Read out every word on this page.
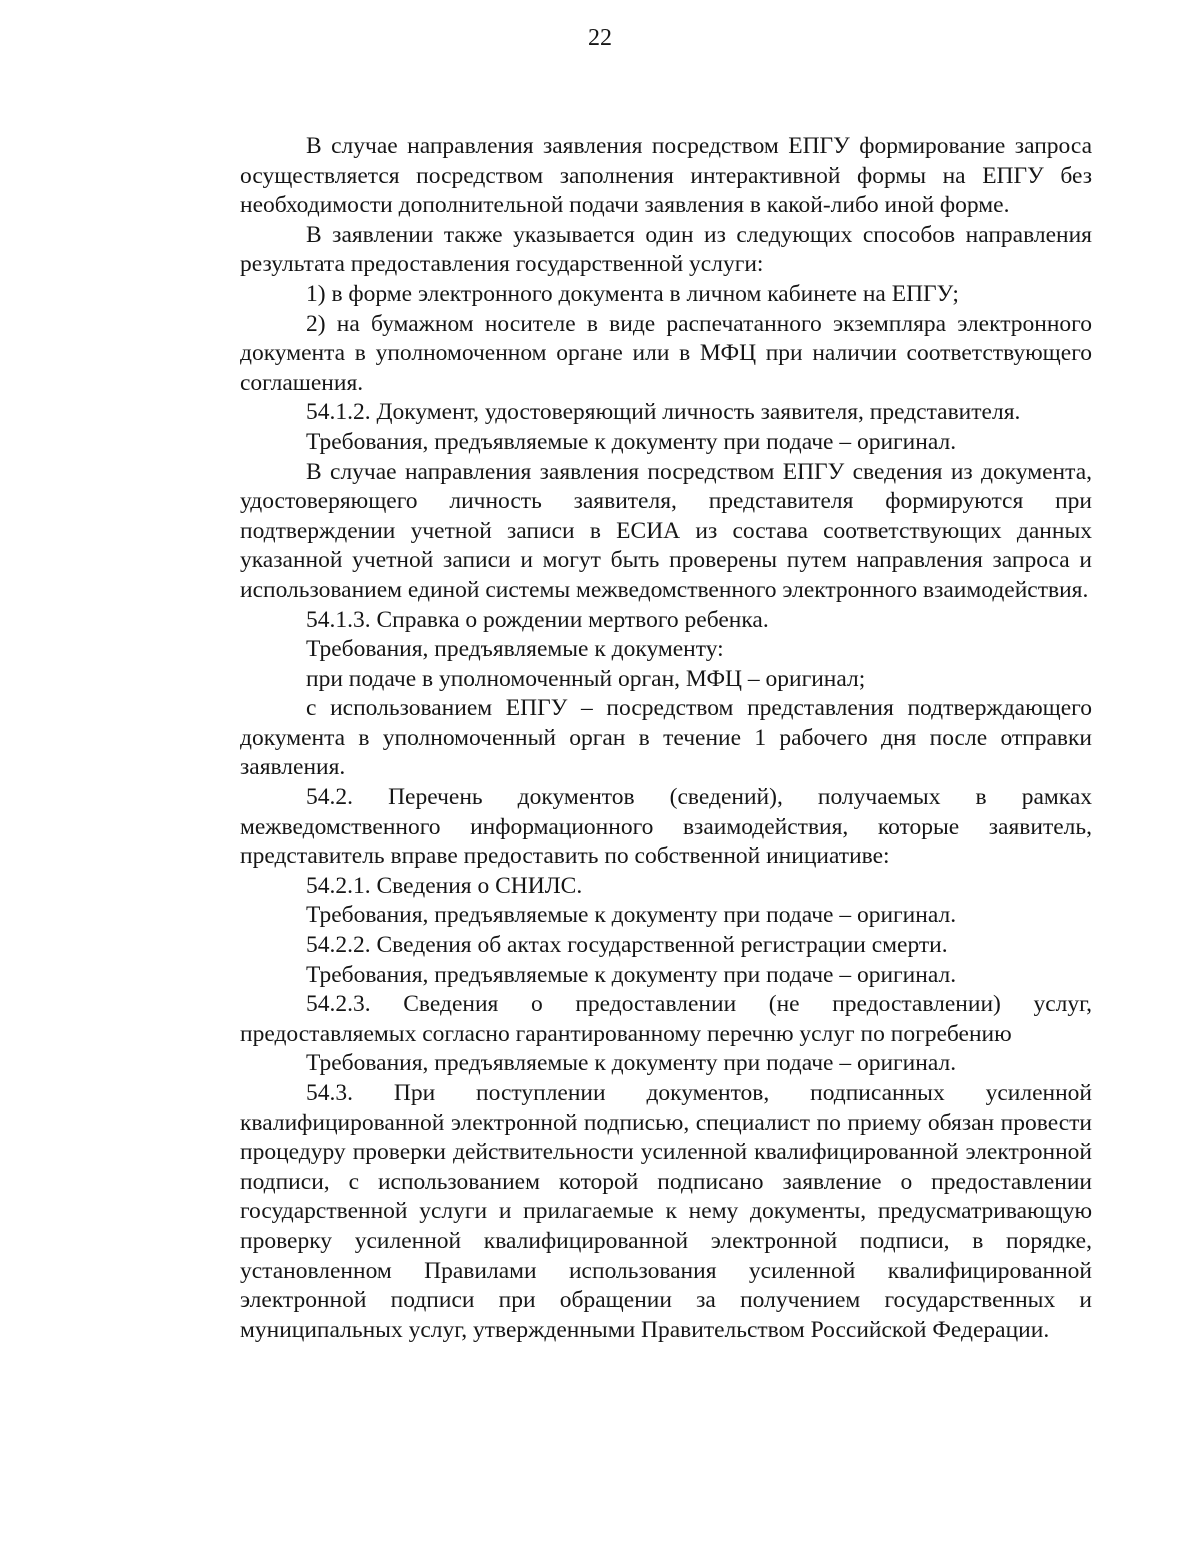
22

В случае направления заявления посредством ЕПГУ формирование запроса осуществляется посредством заполнения интерактивной формы на ЕПГУ без необходимости дополнительной подачи заявления в какой-либо иной форме.

В заявлении также указывается один из следующих способов направления результата предоставления государственной услуги:

1) в форме электронного документа в личном кабинете на ЕПГУ;

2) на бумажном носителе в виде распечатанного экземпляра электронного документа в уполномоченном органе или в МФЦ при наличии соответствующего соглашения.

54.1.2. Документ, удостоверяющий личность заявителя, представителя.

Требования, предъявляемые к документу при подаче – оригинал.

В случае направления заявления посредством ЕПГУ сведения из документа, удостоверяющего личность заявителя, представителя формируются при подтверждении учетной записи в ЕСИА из состава соответствующих данных указанной учетной записи и могут быть проверены путем направления запроса и использованием единой системы межведомственного электронного взаимодействия.

54.1.3. Справка о рождении мертвого ребенка.

Требования, предъявляемые к документу:

при подаче в уполномоченный орган, МФЦ – оригинал;

с использованием ЕПГУ – посредством представления подтверждающего документа в уполномоченный орган в течение 1 рабочего дня после отправки заявления.

54.2. Перечень документов (сведений), получаемых в рамках межведомственного информационного взаимодействия, которые заявитель, представитель вправе предоставить по собственной инициативе:

54.2.1. Сведения о СНИЛС.

Требования, предъявляемые к документу при подаче – оригинал.

54.2.2. Сведения об актах государственной регистрации смерти.

Требования, предъявляемые к документу при подаче – оригинал.

54.2.3. Сведения о предоставлении (не предоставлении) услуг, предоставляемых согласно гарантированному перечню услуг по погребению

Требования, предъявляемые к документу при подаче – оригинал.

54.3. При поступлении документов, подписанных усиленной квалифицированной электронной подписью, специалист по приему обязан провести процедуру проверки действительности усиленной квалифицированной электронной подписи, с использованием которой подписано заявление о предоставлении государственной услуги и прилагаемые к нему документы, предусматривающую проверку усиленной квалифицированной электронной подписи, в порядке, установленном Правилами использования усиленной квалифицированной электронной подписи при обращении за получением государственных и муниципальных услуг, утвержденными Правительством Российской Федерации.
